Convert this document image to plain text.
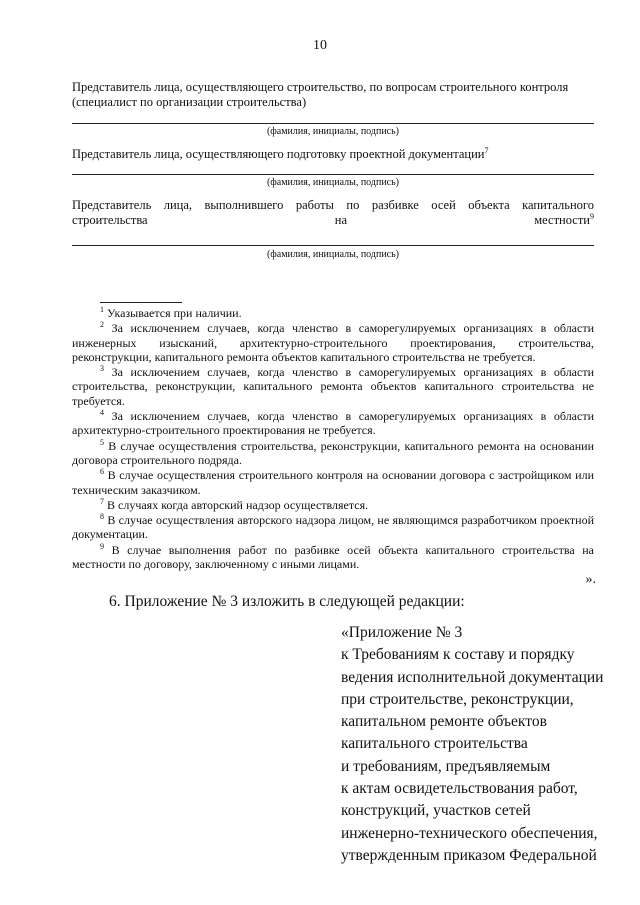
10
Представитель лица, осуществляющего строительство, по вопросам строительного контроля (специалист по организации строительства)
(фамилия, инициалы, подпись)
Представитель лица, осуществляющего подготовку проектной документации$^7$
(фамилия, инициалы, подпись)
Представитель лица, выполнившего работы по разбивке осей объекта капитального строительства на местности$^9$
(фамилия, инициалы, подпись)
$^1$ Указывается при наличии.
$^2$ За исключением случаев, когда членство в саморегулируемых организациях в области инженерных изысканий, архитектурно-строительного проектирования, строительства, реконструкции, капитального ремонта объектов капитального строительства не требуется.
$^3$ За исключением случаев, когда членство в саморегулируемых организациях в области строительства, реконструкции, капитального ремонта объектов капитального строительства не требуется.
$^4$ За исключением случаев, когда членство в саморегулируемых организациях в области архитектурно-строительного проектирования не требуется.
$^5$ В случае осуществления строительства, реконструкции, капитального ремонта на основании договора строительного подряда.
$^6$ В случае осуществления строительного контроля на основании договора с застройщиком или техническим заказчиком.
$^7$ В случаях когда авторский надзор осуществляется.
$^8$ В случае осуществления авторского надзора лицом, не являющимся разработчиком проектной документации.
$^9$ В случае выполнения работ по разбивке осей объекта капитального строительства на местности по договору, заключенному с иными лицами.
».
6. Приложение № 3 изложить в следующей редакции:
«Приложение № 3
к Требованиям к составу и порядку
ведения исполнительной документации
при строительстве, реконструкции,
капитальном ремонте объектов
капитального строительства
и требованиям, предъявляемым
к актам освидетельствования работ,
конструкций, участков сетей
инженерно-технического обеспечения,
утвержденным приказом Федеральной
